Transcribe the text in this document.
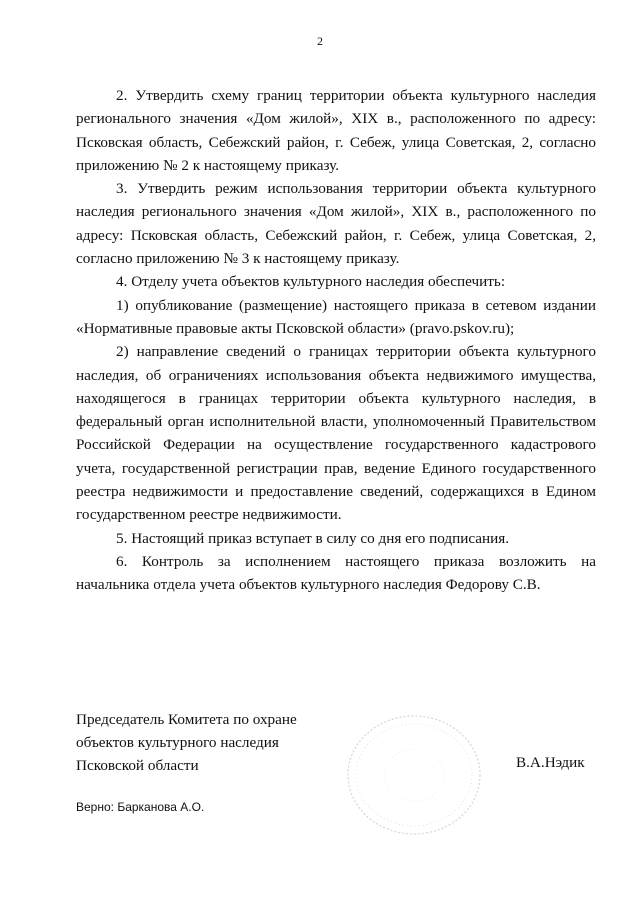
2

2. Утвердить схему границ территории объекта культурного наследия регионального значения «Дом жилой», XIX в., расположенного по адресу: Псковская область, Себежский район, г. Себеж, улица Советская, 2, согласно приложению № 2 к настоящему приказу.

3. Утвердить режим использования территории объекта культурного наследия регионального значения «Дом жилой», XIX в., расположенного по адресу: Псковская область, Себежский район, г. Себеж, улица Советская, 2, согласно приложению № 3 к настоящему приказу.

4. Отделу учета объектов культурного наследия обеспечить:

1) опубликование (размещение) настоящего приказа в сетевом издании «Нормативные правовые акты Псковской области» (pravo.pskov.ru);

2) направление сведений о границах территории объекта культурного наследия, об ограничениях использования объекта недвижимого имущества, находящегося в границах территории объекта культурного наследия, в федеральный орган исполнительной власти, уполномоченный Правительством Российской Федерации на осуществление государственного кадастрового учета, государственной регистрации прав, ведение Единого государственного реестра недвижимости и предоставление сведений, содержащихся в Едином государственном реестре недвижимости.

5. Настоящий приказ вступает в силу со дня его подписания.

6. Контроль за исполнением настоящего приказа возложить на начальника отдела учета объектов культурного наследия Федорову С.В.

Председатель Комитета по охране
объектов культурного наследия
Псковской области	В.А.Нэдик
Верно: Барканова А.О.
